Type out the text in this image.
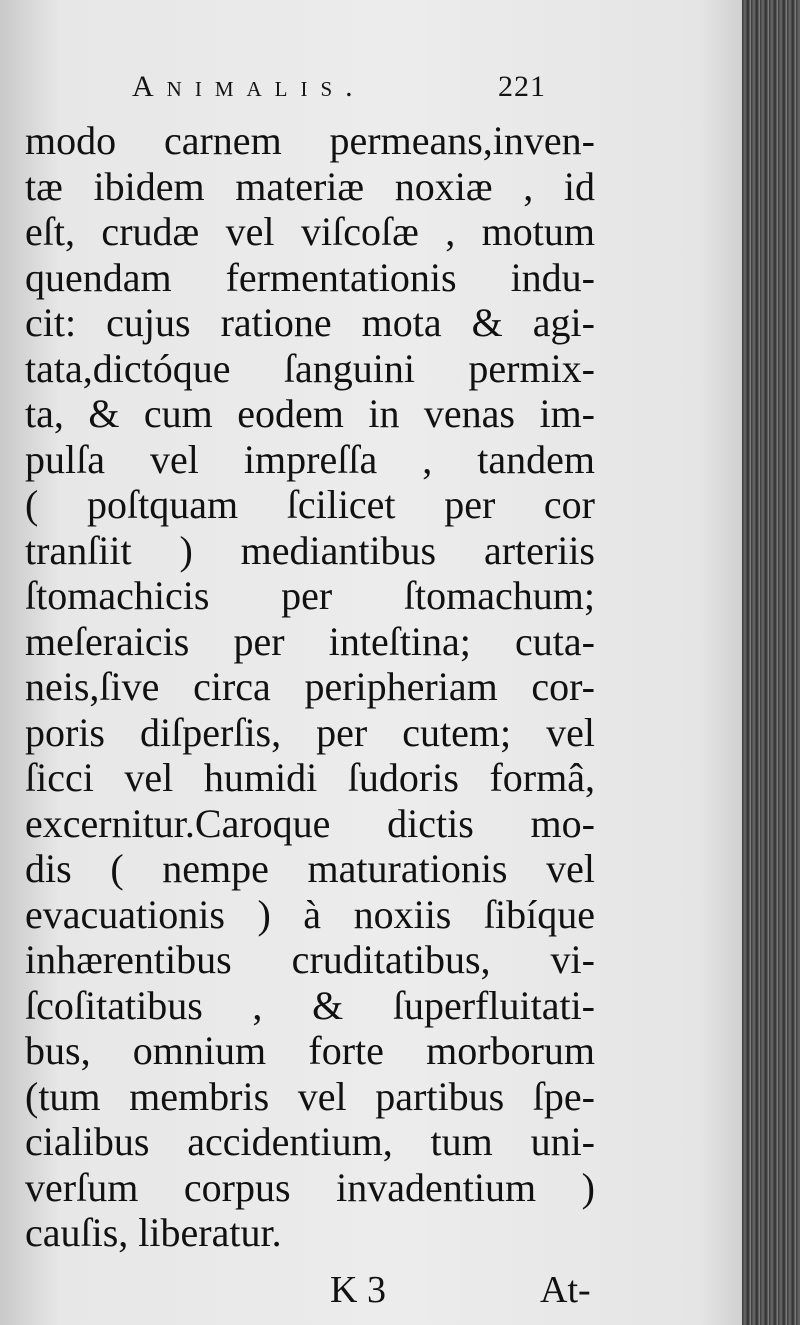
Animalis.	221
modo carnem permeans,inven-
tæ ibidem materiæ noxiæ , id
eſt, crudæ vel viſcoſæ , motum
quendam fermentationis indu-
cit: cujus ratione mota & agi-
tata,dictóque ſanguini permix-
ta, & cum eodem in venas im-
pulſa vel impreſſa , tandem
( poſtquam ſcilicet per cor
tranſiit ) mediantibus arteriis
ſtomachicis per ſtomachum;
meſeraicis per inteſtina; cuta-
neis,ſive circa peripheriam cor-
poris diſperſis, per cutem; vel
ſicci vel humidi ſudoris formâ,
excernitur.Caroque dictis mo-
dis ( nempe maturationis vel
evacuationis ) à noxiis ſibíque
inhærentibus cruditatibus, vi-
ſcoſitatibus , & ſuperfluitati-
bus, omnium forte morborum
(tum membris vel partibus ſpe-
cialibus accidentium, tum uni-
verſum corpus invadentium )
cauſis, liberatur.
K 3	At-
